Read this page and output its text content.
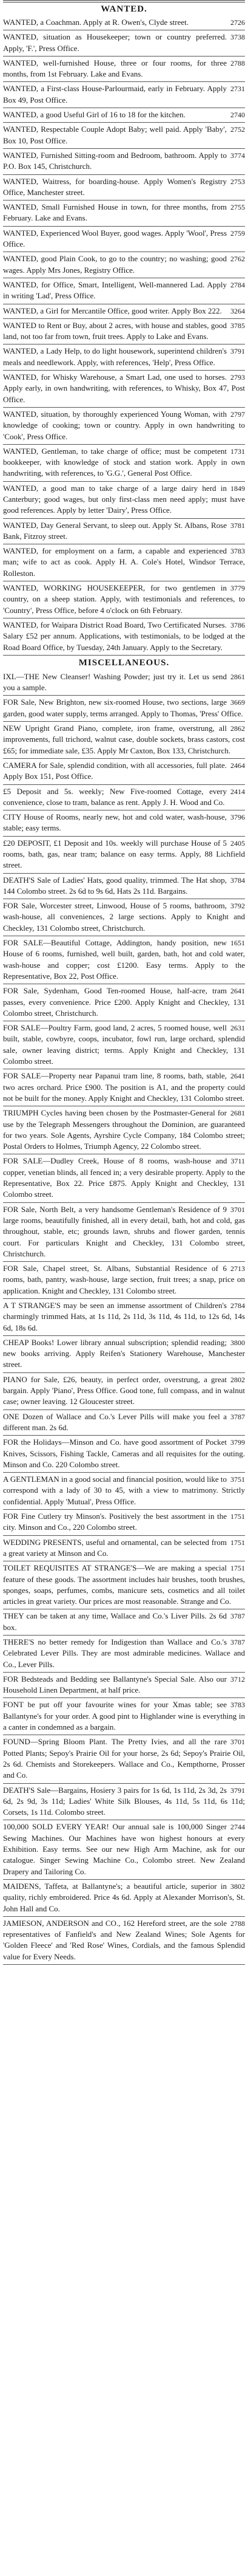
WANTED.

2726
WANTED, a Coachman. Apply at R. Owen's, Clyde street.

3738
WANTED, situation as Housekeeper; town or country preferred. Apply, 'F.', Press Office.

2788
WANTED, well-furnished House, three or four rooms, for three months, from 1st February. Lake and Evans.

2731
WANTED, a First-class House-Parlourmaid, early in February. Apply Box 49, Post Office.

2740
WANTED, a good Useful Girl of 16 to 18 for the kitchen.

2752
WANTED, Respectable Couple Adopt Baby; well paid. Apply 'Baby', Box 10, Post Office.

3774
WANTED, Furnished Sitting-room and Bedroom, bathroom. Apply to P.O. Box 145, Christchurch.

2753
WANTED, Waitress, for boarding-house. Apply Women's Registry Office, Manchester street.

2755
WANTED, Small Furnished House in town, for three months, from February. Lake and Evans.

2759
WANTED, Experienced Wool Buyer, good wages. Apply 'Wool', Press Office.

2762
WANTED, good Plain Cook, to go to the country; no washing; good wages. Apply Mrs Jones, Registry Office.

2784
WANTED, for Office, Smart, Intelligent, Well-mannered Lad. Apply in writing 'Lad', Press Office.

3264
WANTED, a Girl for Mercantile Office, good writer. Apply Box 222.

3785
WANTED to Rent or Buy, about 2 acres, with house and stables, good land, not too far from town, fruit trees. Apply to Lake and Evans.

3791
WANTED, a Lady Help, to do light housework, superintend children's meals and needlework. Apply, with references, 'Help', Press Office.

2793
WANTED, for Whisky Warehouse, a Smart Lad, one used to horses. Apply early, in own handwriting, with references, to Whisky, Box 47, Post Office.

2797
WANTED, situation, by thoroughly experienced Young Woman, with knowledge of cooking; town or country. Apply in own handwriting to 'Cook', Press Office.

1731
WANTED, Gentleman, to take charge of office; must be competent bookkeeper, with knowledge of stock and station work. Apply in own handwriting, with references, to 'G.G.', General Post Office.

1849
WANTED, a good man to take charge of a large dairy herd in Canterbury; good wages, but only first-class men need apply; must have good references. Apply by letter 'Dairy', Press Office.

3781
WANTED, Day General Servant, to sleep out. Apply St. Albans, Rose Bank, Fitzroy street.

3783
WANTED, for employment on a farm, a capable and experienced man; wife to act as cook. Apply H. A. Cole's Hotel, Windsor Terrace, Rolleston.

3779
WANTED, WORKING HOUSEKEEPER, for two gentlemen in country, on a sheep station. Apply, with testimonials and references, to 'Country', Press Office, before 4 o'clock on 6th February.

3786
WANTED, for Waipara District Road Board, Two Certificated Nurses. Salary £52 per annum. Applications, with testimonials, to be lodged at the Road Board Office, by Tuesday, 24th January. Apply to the Secretary.

MISCELLANEOUS.

2861
IXL—THE New Cleanser! Washing Powder; just try it. Let us send you a sample.

3669
FOR Sale, New Brighton, new six-roomed House, two sections, large garden, good water supply, terms arranged. Apply to Thomas, 'Press' Office.

2862
NEW Upright Grand Piano, complete, iron frame, overstrung, all improvements, full trichord, walnut case, double sockets, brass castors, cost £65; for immediate sale, £35. Apply Mr Caxton, Box 133, Christchurch.

2464
CAMERA for Sale, splendid condition, with all accessories, full plate. Apply Box 151, Post Office.

2414
£5 Deposit and 5s. weekly; New Five-roomed Cottage, every convenience, close to tram, balance as rent. Apply J. H. Wood and Co.

3796
CITY House of Rooms, nearly new, hot and cold water, wash-house, stable; easy terms.

2405
£20 DEPOSIT, £1 Deposit and 10s. weekly will purchase House of 5 rooms, bath, gas, near tram; balance on easy terms. Apply, 88 Lichfield street.

3784
DEATH'S Sale of Ladies' Hats, good quality, trimmed. The Hat shop, 144 Colombo street. 2s 6d to 9s 6d, Hats 2s 11d. Bargains.

3792
FOR Sale, Worcester street, Linwood, House of 5 rooms, bathroom, wash-house, all conveniences, 2 large sections. Apply to Knight and Checkley, 131 Colombo street, Christchurch.

1651
FOR SALE—Beautiful Cottage, Addington, handy position, new House of 6 rooms, furnished, well built, garden, bath, hot and cold water, wash-house and copper; cost £1200. Easy terms. Apply to the Representative, Box 22, Post Office.

2641
FOR Sale, Sydenham, Good Ten-roomed House, half-acre, tram passes, every convenience. Price £200. Apply Knight and Checkley, 131 Colombo street, Christchurch.

2631
FOR SALE—Poultry Farm, good land, 2 acres, 5 roomed house, well built, stable, cowbyre, coops, incubator, fowl run, large orchard, splendid sale, owner leaving district; terms. Apply Knight and Checkley, 131 Colombo street.

2641
FOR SALE—Property near Papanui tram line, 8 rooms, bath, stable, two acres orchard. Price £900. The position is A1, and the property could not be built for the money. Apply Knight and Checkley, 131 Colombo street.

2681
TRIUMPH Cycles having been chosen by the Postmaster-General for use by the Telegraph Messengers throughout the Dominion, are guaranteed for two years. Sole Agents, Ayrshire Cycle Company, 184 Colombo street; Postal Orders to Holmes, Triumph Agency, 22 Colombo street.

3711
FOR SALE—Dudley Creek, House of 8 rooms, wash-house and copper, venetian blinds, all fenced in; a very desirable property. Apply to the Representative, Box 22. Price £875. Apply Knight and Checkley, 131 Colombo street.

3701
FOR Sale, North Belt, a very handsome Gentleman's Residence of 9 large rooms, beautifully finished, all in every detail, bath, hot and cold, gas throughout, stable, etc; grounds lawn, shrubs and flower garden, tennis court. For particulars Knight and Checkley, 131 Colombo street, Christchurch.

2713
FOR Sale, Chapel street, St. Albans, Substantial Residence of 6 rooms, bath, pantry, wash-house, large section, fruit trees; a snap, price on application. Knight and Checkley, 131 Colombo street.

2784
A T STRANGE'S may be seen an immense assortment of Children's charmingly trimmed Hats, at 1s 11d, 2s 11d, 3s 11d, 4s 11d, to 12s 6d, 14s 6d, 18s 6d.

3800
CHEAP Books! Lower library annual subscription; splendid reading; new books arriving. Apply Reifen's Stationery Warehouse, Manchester street.

2802
PIANO for Sale, £26, beauty, in perfect order, overstrung, a great bargain. Apply 'Piano', Press Office. Good tone, full compass, and in walnut case; owner leaving. 12 Gloucester street.

3787
ONE Dozen of Wallace and Co.'s Lever Pills will make you feel a different man. 2s 6d.

3799
FOR the Holidays—Minson and Co. have good assortment of Pocket Knives, Scissors, Fishing Tackle, Cameras and all requisites for the outing. Minson and Co. 220 Colombo street.

3751
A GENTLEMAN in a good social and financial position, would like to correspond with a lady of 30 to 45, with a view to matrimony. Strictly confidential. Apply 'Mutual', Press Office.

1751
FOR Fine Cutlery try Minson's. Positively the best assortment in the city. Minson and Co., 220 Colombo street.

1751
WEDDING PRESENTS, useful and ornamental, can be selected from a great variety at Minson and Co.

1751
TOILET REQUISITES AT STRANGE'S—We are making a special feature of these goods. The assortment includes hair brushes, tooth brushes, sponges, soaps, perfumes, combs, manicure sets, cosmetics and all toilet articles in great variety. Our prices are most reasonable. Strange and Co.

3787
THEY can be taken at any time, Wallace and Co.'s Liver Pills. 2s 6d box.

3787
THERE'S no better remedy for Indigestion than Wallace and Co.'s Celebrated Lever Pills. They are most admirable medicines. Wallace and Co., Lever Pills.

3712
FOR Bedsteads and Bedding see Ballantyne's Special Sale. Also our Household Linen Department, at half price.

3783
FONT be put off your favourite wines for your Xmas table; see Ballantyne's for your order. A good pint to Highlander wine is everything in a canter in condemned as a bargain.

3701
FOUND—Spring Bloom Plant. The Pretty Ivies, and all the rare Potted Plants; Sepoy's Prairie Oil for your horse, 2s 6d; Sepoy's Prairie Oil, 2s 6d. Chemists and Storekeepers. Wallace and Co., Kempthorne, Prosser and Co.

3791
DEATH'S Sale—Bargains, Hosiery 3 pairs for 1s 6d, 1s 11d, 2s 3d, 2s 6d, 2s 9d, 3s 11d; Ladies' White Silk Blouses, 4s 11d, 5s 11d, 6s 11d; Corsets, 1s 11d. Colombo street.

2744
100,000 SOLD EVERY YEAR! Our annual sale is 100,000 Singer Sewing Machines. Our Machines have won highest honours at every Exhibition. Easy terms. See our new High Arm Machine, ask for our catalogue. Singer Sewing Machine Co., Colombo street. New Zealand Drapery and Tailoring Co.

3802
MAIDENS, Taffeta, at Ballantyne's; a beautiful article, superior in quality, richly embroidered. Price 4s 6d. Apply at Alexander Morrison's, St. John Hall and Co.

2788
JAMIESON, ANDERSON and CO., 162 Hereford street, are the sole representatives of Fanfield's and New Zealand Wines; Sole Agents for 'Golden Fleece' and 'Red Rose' Wines, Cordials, and the famous Splendid value for Every Needs.
